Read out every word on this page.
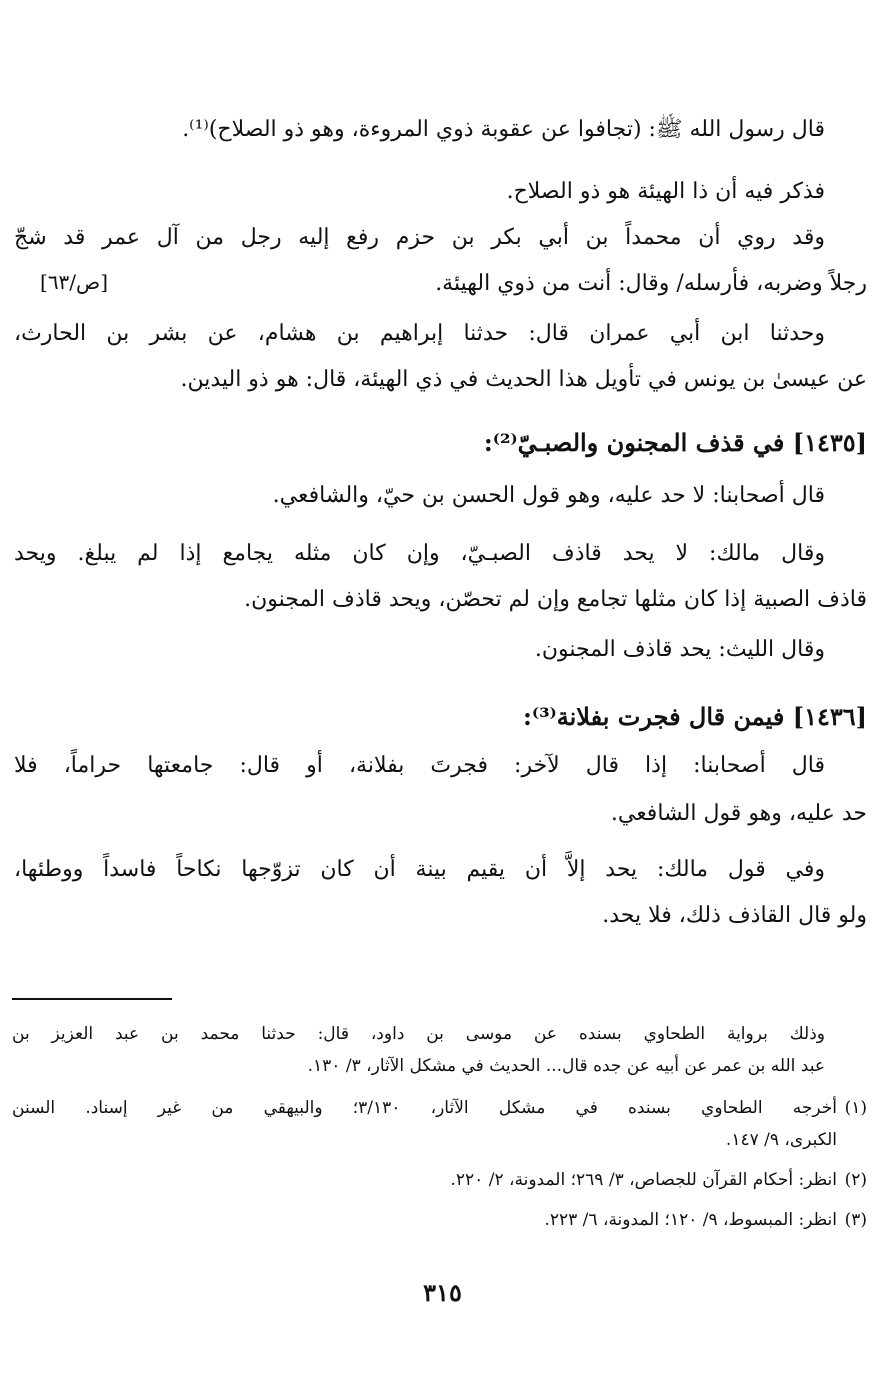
قال رسول الله ﷺ: (تجافوا عن عقوبة ذوي المروءة، وهو ذو الصلاح)⁽¹⁾.
فذكر فيه أن ذا الهيئة هو ذو الصلاح.
وقد روي أن محمداً بن أبي بكر بن حزم رفع إليه رجل من آل عمر قد شجّ
رجلاً وضربه، فأرسله/ وقال: أنت من ذوي الهيئة.
[ص/٦٣]
وحدثنا ابن أبي عمران قال: حدثنا إبراهيم بن هشام، عن بشر بن الحارث،
عن عيسىٰ بن يونس في تأويل هذا الحديث في ذي الهيئة، قال: هو ذو اليدين.
[١٤٣٥] في قذف المجنون والصبـيّ⁽²⁾:
قال أصحابنا: لا حد عليه، وهو قول الحسن بن حيّ، والشافعي.
وقال مالك: لا يحد قاذف الصبـيّ، وإن كان مثله يجامع إذا لم يبلغ. ويحد
قاذف الصبية إذا كان مثلها تجامع وإن لم تحصّن، ويحد قاذف المجنون.
وقال الليث: يحد قاذف المجنون.
[١٤٣٦] فيمن قال فجرت بفلانة⁽³⁾:
قال أصحابنا: إذا قال لآخر: فجرتَ بفلانة، أو قال: جامعتها حراماً، فلا
حد عليه، وهو قول الشافعي.
وفي قول مالك: يحد إلاَّ أن يقيم بينة أن كان تزوّجها نكاحاً فاسداً ووطئها،
ولو قال القاذف ذلك، فلا يحد.
وذلك برواية الطحاوي بسنده عن موسى بن داود، قال: حدثنا محمد بن عبد العزيز بن
عبد الله بن عمر عن أبيه عن جده قال... الحديث في مشكل الآثار، ٣/ ١٣٠.
(١)أخرجه الطحاوي بسنده في مشكل الآثار، ٣/١٣٠؛ والبيهقي من غير إسناد. السنن
الكبرى، ٩/ ١٤٧.
(٢)انظر: أحكام القرآن للجصاص، ٣/ ٢٦٩؛ المدونة، ٢/ ٢٢٠.
(٣)انظر: المبسوط، ٩/ ١٢٠؛ المدونة، ٦/ ٢٢٣.
٣١٥
